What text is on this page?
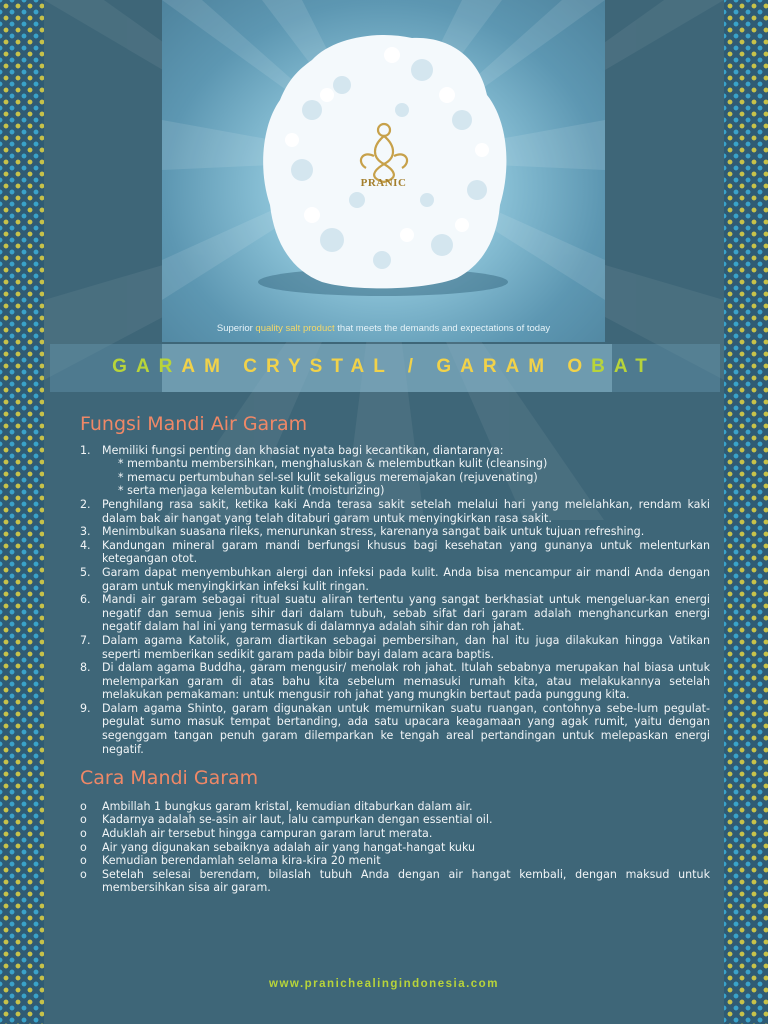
PRANIC
Superior quality salt product that meets the demands and expectations of today
GARAM CRYSTAL / GARAM OBAT
Fungsi Mandi Air Garam
1. Memiliki fungsi penting dan khasiat nyata bagi kecantikan, diantaranya:
* membantu membersihkan, menghaluskan & melembutkan kulit (cleansing)
* memacu pertumbuhan sel-sel kulit sekaligus meremajakan (rejuvenating)
* serta menjaga kelembutan kulit (moisturizing)
2. Penghilang rasa sakit, ketika kaki Anda terasa sakit setelah melalui hari yang melelahkan, rendam kaki dalam bak air hangat yang telah ditaburi garam untuk menyingkirkan rasa sakit.
3. Menimbulkan suasana rileks, menurunkan stress, karenanya sangat baik untuk tujuan refreshing.
4. Kandungan mineral garam mandi berfungsi khusus bagi kesehatan yang gunanya untuk melenturkan ketegangan otot.
5. Garam dapat menyembuhkan alergi dan infeksi pada kulit. Anda bisa mencampur air mandi Anda dengan garam untuk menyingkirkan infeksi kulit ringan.
6. Mandi air garam sebagai ritual suatu aliran tertentu yang sangat berkhasiat untuk mengeluar-kan energi negatif dan semua jenis sihir dari dalam tubuh, sebab sifat dari garam adalah menghancurkan energi negatif dalam hal ini yang termasuk di dalamnya adalah sihir dan roh jahat.
7. Dalam agama Katolik, garam diartikan sebagai pembersihan, dan hal itu juga dilakukan hingga Vatikan seperti memberikan sedikit garam pada bibir bayi dalam acara baptis.
8. Di dalam agama Buddha, garam mengusir/ menolak roh jahat. Itulah sebabnya merupakan hal biasa untuk melemparkan garam di atas bahu kita sebelum memasuki rumah kita, atau melakukannya setelah melakukan pemakaman: untuk mengusir roh jahat yang mungkin bertaut pada punggung kita.
9. Dalam agama Shinto, garam digunakan untuk memurnikan suatu ruangan, contohnya sebe-lum pegulat-pegulat sumo masuk tempat bertanding, ada satu upacara keagamaan yang agak rumit, yaitu dengan segenggam tangan penuh garam dilemparkan ke tengah areal pertandingan untuk melepaskan energi negatif.
Cara Mandi Garam
o Ambillah 1 bungkus garam kristal, kemudian ditaburkan dalam air.
o Kadarnya adalah se-asin air laut, lalu campurkan dengan essential oil.
o Aduklah air tersebut hingga campuran garam larut merata.
o Air yang digunakan sebaiknya adalah air yang hangat-hangat kuku
o Kemudian berendamlah selama kira-kira 20 menit
o Setelah selesai berendam, bilaslah tubuh Anda dengan air hangat kembali, dengan maksud untuk membersihkan sisa air garam.
www.pranichealingindonesia.com
